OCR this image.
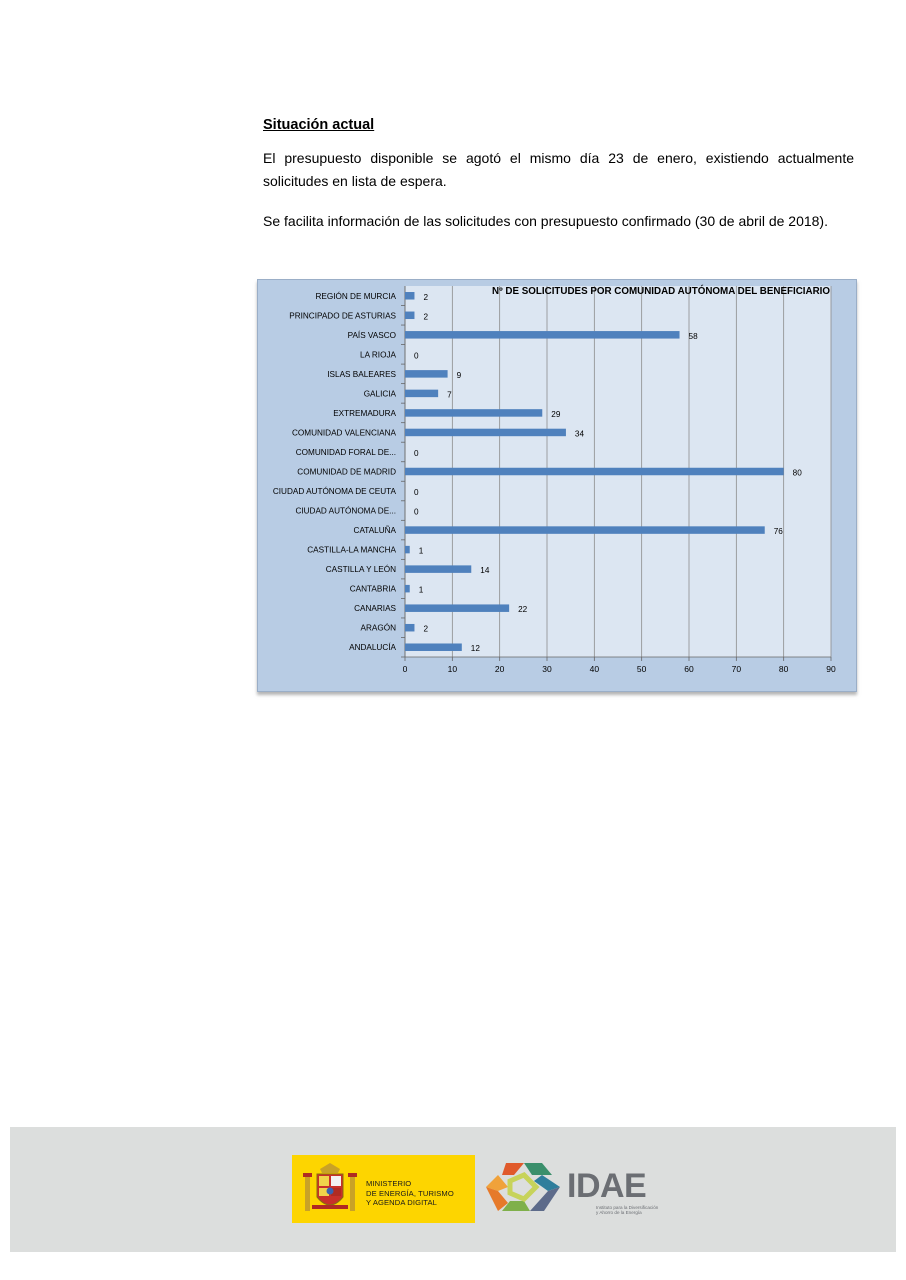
Situación actual

El presupuesto disponible se agotó el mismo día 23 de enero, existiendo actualmente solicitudes en lista de espera.

Se facilita información de las solicitudes con presupuesto confirmado (30 de abril de 2018).

REGIÓN DE MURCIA
PRINCIPADO DE ASTURIAS
PAÍS VASCO
LA RIOJA
ISLAS BALEARES
GALICIA
EXTREMADURA
COMUNIDAD VALENCIANA
COMUNIDAD FORAL DE...
COMUNIDAD DE MADRID
CIUDAD AUTÓNOMA DE CEUTA
CIUDAD AUTÓNOMA DE...
CATALUÑA
CASTILLA-LA MANCHA
CASTILLA Y LEÓN
CANTABRIA
CANARIAS
ARAGÓN
ANDALUCÍA
2
2
58
0
9
7
29
34
0
80
0
0
76
1
14
1
22
2
12
0	10	20	30	40	50	60	70	80	90
Nº DE SOLICITUDES POR COMUNIDAD AUTÓNOMA DEL BENEFICIARIO
MINISTERIO
DE ENERGÍA, TURISMO
Y AGENDA DIGITAL	IDAE
Instituto para la Diversificación
y Ahorro de la Energía
